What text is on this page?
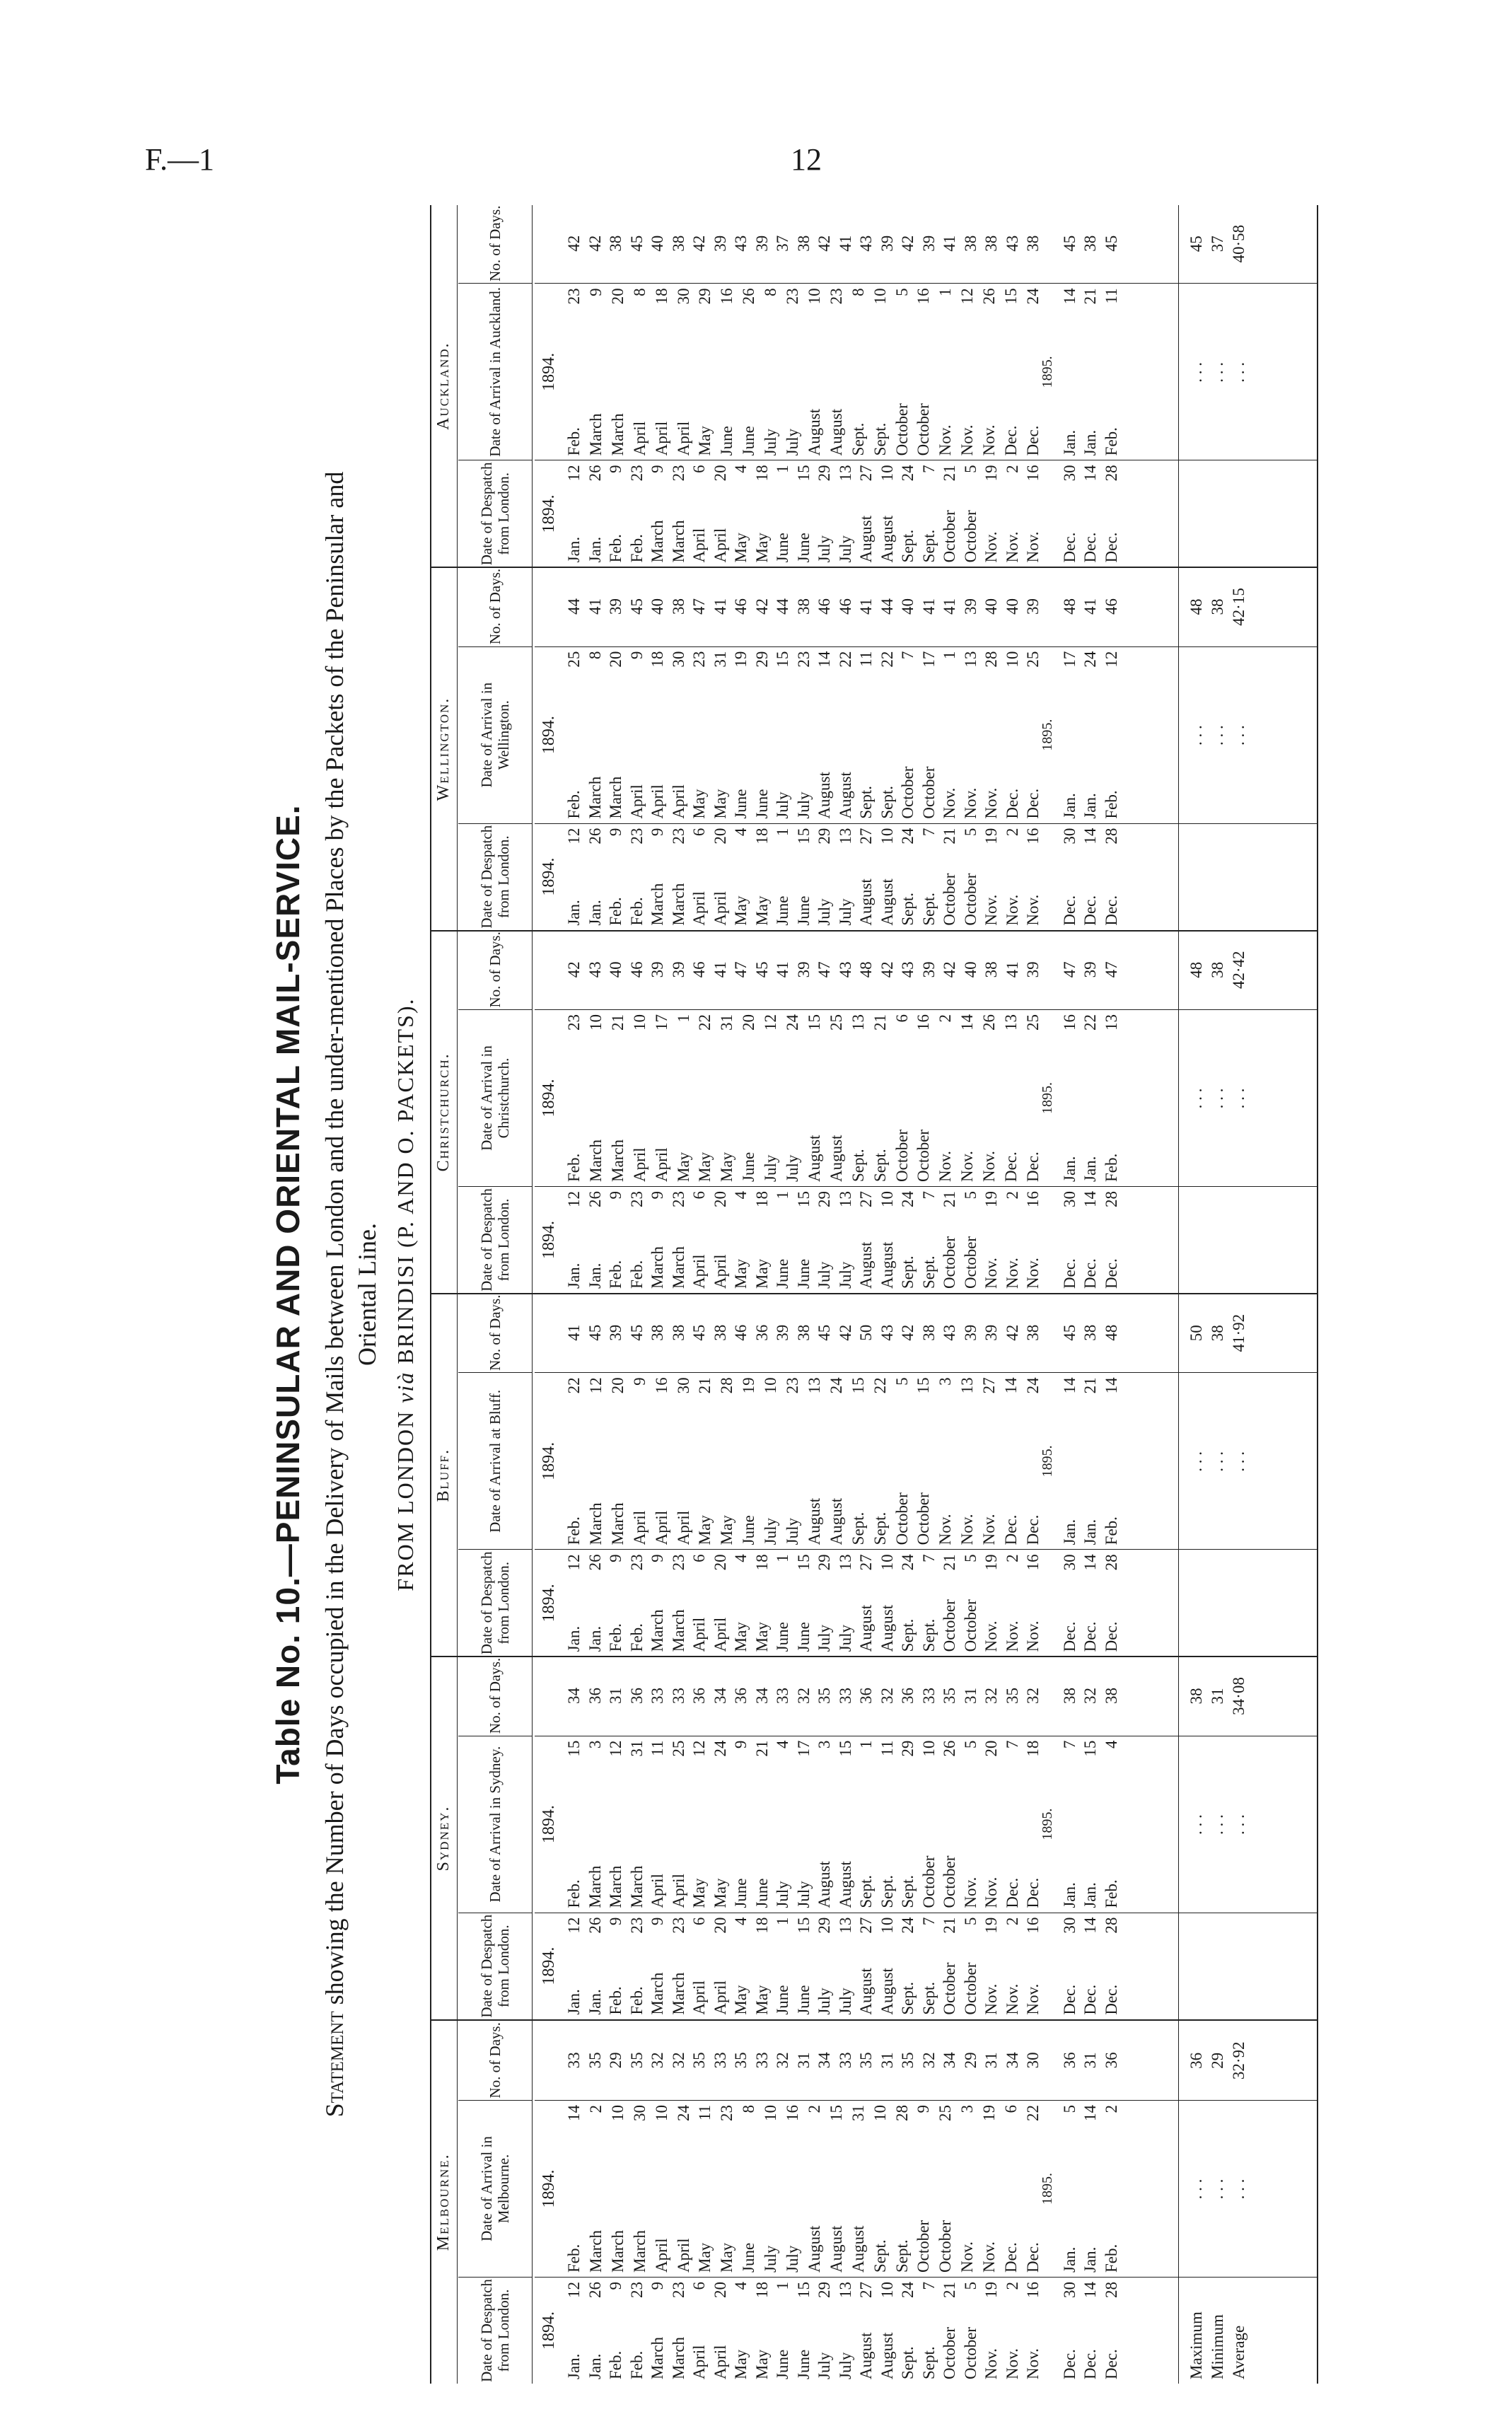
F.—1	12
Table No. 10.—PENINSULAR AND ORIENTAL MAIL-SERVICE.
Statement showing the Number of Days occupied in the Delivery of Mails between London and the under-mentioned Places by the Packets of the Peninsular and Oriental Line.
FROM LONDON vià BRINDISI (P. AND O. PACKETS).
Melbourne.
Date of Despatch from London.
Date of Arrival in Melbourne.
No. of Days.
1894.
Jan.
12
Jan.
26
Feb.
9
Feb.
23
March
9
March
23
April
6
April
20
May
4
May
18
June
1
June
15
July
29
July
13
August
27
August
10
Sept.
24
Sept.
7
October
21
October
5
Nov.
19
Nov.
2
Nov.
16
Dec.
30
Dec.
14
Dec.
28
1894.
Feb.
14
March
2
March
10
March
30
April
10
April
24
May
11
May
23
June
8
July
10
July
16
August
2
August
15
August
31
Sept.
10
Sept.
28
October
9
October
25
Nov.
3
Nov.
19
Dec.
6
Dec.
22
Jan.
5
Jan.
14
Feb.
2
1895.
33 35 29 35 32 32 35 33 35 33 32 31 34 33 35 31 35 32 34 29 31 34 30 36 31 36
Maximum
. . .
36
Minimum
. . .
29
Average
. . .
32·92
Sydney.
Date of Despatch from London.
Date of Arrival in Sydney.
No. of Days.
1894.
Jan.
12
Jan.
26
Feb.
9
Feb.
23
March
9
March
23
April
6
April
20
May
4
May
18
June
1
June
15
July
29
July
13
August
27
August
10
Sept.
24
Sept.
7
October
21
October
5
Nov.
19
Nov.
2
Nov.
16
Dec.
30
Dec.
14
Dec.
28
1894.
Feb.
15
March
3
March
12
March
31
April
11
April
25
May
12
May
24
June
9
June
21
July
4
July
17
August
3
August
15
Sept.
1
Sept.
11
Sept.
29
October
10
October
26
Nov.
5
Nov.
20
Dec.
7
Dec.
18
Jan.
7
Jan.
15
Feb.
4
1895.
34 36 31 36 33 33 36 34 36 34 33 32 35 33 36 32 36 33 35 31 32 35 32 38 32 38
. . .
38
. . .
31
. . .
34·08
Bluff.
Date of Despatch from London.
Date of Arrival at Bluff.
No. of Days.
1894.
Jan.
12
Jan.
26
Feb.
9
Feb.
23
March
9
March
23
April
6
April
20
May
4
May
18
June
1
June
15
July
29
July
13
August
27
August
10
Sept.
24
Sept.
7
October
21
October
5
Nov.
19
Nov.
2
Nov.
16
Dec.
30
Dec.
14
Dec.
28
1894.
Feb.
22
March
12
March
20
April
9
April
16
April
30
May
21
May
28
June
19
July
10
July
23
August
13
August
24
Sept.
15
Sept.
22
October
5
October
15
Nov.
3
Nov.
13
Nov.
27
Dec.
14
Dec.
24
Jan.
14
Jan.
21
Feb.
14
1895.
41 45 39 45 38 38 45 38 46 36 39 38 45 42 50 43 42 38 43 39 39 42 38 45 38 48
. . .
50
. . .
38
. . .
41·92
Christchurch.
Date of Despatch from London.
Date of Arrival in Christchurch.
No. of Days.
1894.
Jan.
12
Jan.
26
Feb.
9
Feb.
23
March
9
March
23
April
6
April
20
May
4
May
18
June
1
June
15
July
29
July
13
August
27
August
10
Sept.
24
Sept.
7
October
21
October
5
Nov.
19
Nov.
2
Nov.
16
Dec.
30
Dec.
14
Dec.
28
1894.
Feb.
23
March
10
March
21
April
10
April
17
May
1
May
22
May
31
June
20
July
12
July
24
August
15
August
25
Sept.
13
Sept.
21
October
6
October
16
Nov.
2
Nov.
14
Nov.
26
Dec.
13
Dec.
25
Jan.
16
Jan.
22
Feb.
13
1895.
42 43 40 46 39 39 46 41 47 45 41 39 47 43 48 42 43 39 42 40 38 41 39 47 39 47
. . .
48
. . .
38
. . .
42·42
Wellington.
Date of Despatch from London.
Date of Arrival in Wellington.
No. of Days.
1894.
Jan.
12
Jan.
26
Feb.
9
Feb.
23
March
9
March
23
April
6
April
20
May
4
May
18
June
1
June
15
July
29
July
13
August
27
August
10
Sept.
24
Sept.
7
October
21
October
5
Nov.
19
Nov.
2
Nov.
16
Dec.
30
Dec.
14
Dec.
28
1894.
Feb.
25
March
8
March
20
April
9
April
18
April
30
May
23
May
31
June
19
June
29
July
15
July
23
August
14
August
22
Sept.
11
Sept.
22
October
7
October
17
Nov.
1
Nov.
13
Nov.
28
Dec.
10
Dec.
25
Jan.
17
Jan.
24
Feb.
12
1895.
44 41 39 45 40 38 47 41 46 42 44 38 46 46 41 44 40 41 41 39 40 40 39 48 41 46
. . .
48
. . .
38
. . .
42·15
Auckland.
Date of Despatch from London.
Date of Arrival in Auckland.
No. of Days.
1894.
Jan.
12
Jan.
26
Feb.
9
Feb.
23
March
9
March
23
April
6
April
20
May
4
May
18
June
1
June
15
July
29
July
13
August
27
August
10
Sept.
24
Sept.
7
October
21
October
5
Nov.
19
Nov.
2
Nov.
16
Dec.
30
Dec.
14
Dec.
28
1894.
Feb.
23
March
9
March
20
April
8
April
18
April
30
May
29
June
16
June
26
July
8
July
23
August
10
August
23
Sept.
8
Sept.
10
October
5
October
16
Nov.
1
Nov.
12
Nov.
26
Dec.
15
Dec.
24
Jan.
14
Jan.
21
Feb.
11
1895.
42 42 38 45 40 38 42 39 43 39 37 38 42 41 43 39 42 39 41 38 38 43 38 45 38 45
. . .
45
. . .
37
. . .
40·58
